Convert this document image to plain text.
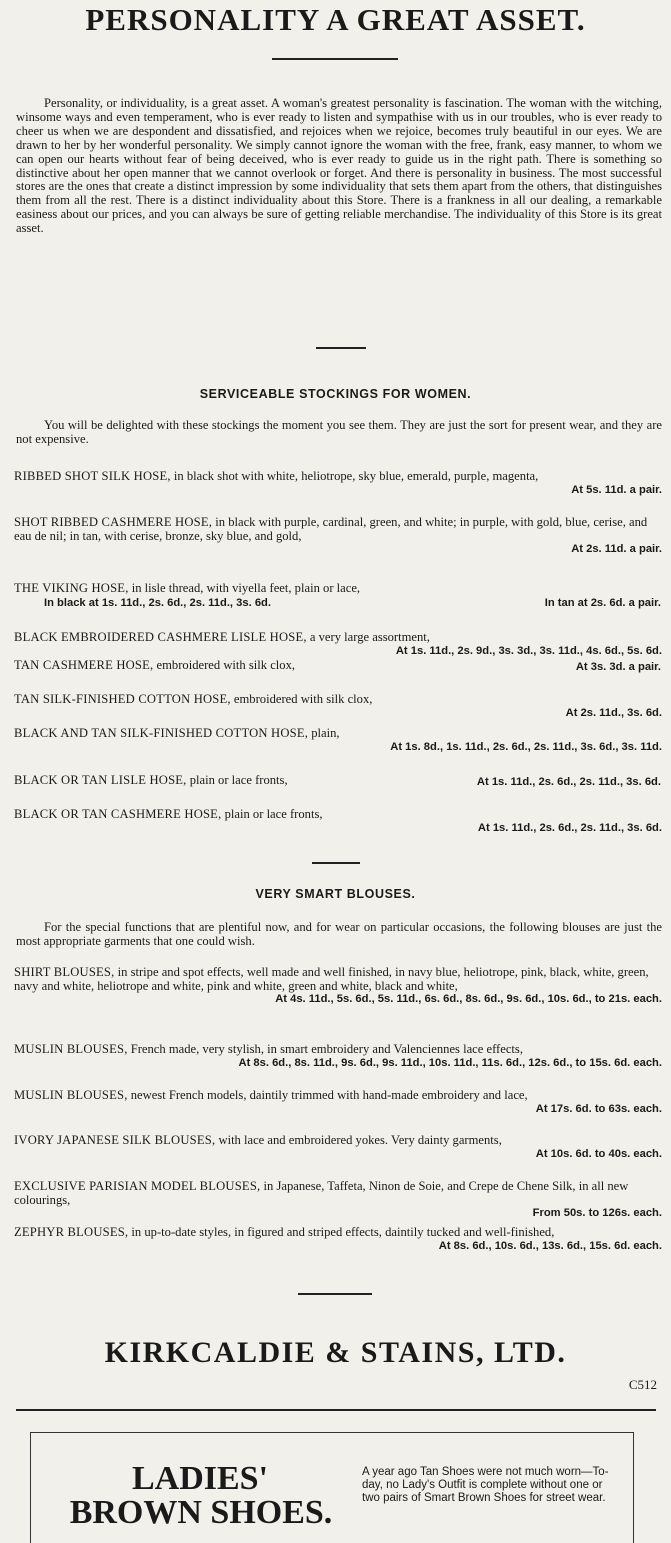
PERSONALITY A GREAT ASSET.

Personality, or individuality, is a great asset. A woman's greatest personality is fascination. The woman with the witching, winsome ways and even temperament, who is ever ready to listen and sympathise with us in our troubles, who is ever ready to cheer us when we are despondent and dissatisfied, and rejoices when we rejoice, becomes truly beautiful in our eyes. We are drawn to her by her wonderful personality. We simply cannot ignore the woman with the free, frank, easy manner, to whom we can open our hearts without fear of being deceived, who is ever ready to guide us in the right path. There is something so distinctive about her open manner that we cannot overlook or forget. And there is personality in business. The most successful stores are the ones that create a distinct impression by some individuality that sets them apart from the others, that distinguishes them from all the rest. There is a distinct individuality about this Store. There is a frankness in all our dealing, a remarkable easiness about our prices, and you can always be sure of getting reliable merchandise. The individuality of this Store is its great asset.

SERVICEABLE STOCKINGS FOR WOMEN.

You will be delighted with these stockings the moment you see them. They are just the sort for present wear, and they are not expensive.

RIBBED SHOT SILK HOSE, in black shot with white, heliotrope, sky blue, emerald, purple, magenta,
At 5s. 11d. a pair.
SHOT RIBBED CASHMERE HOSE, in black with purple, cardinal, green, and white; in purple, with gold, blue, cerise, and eau de nil; in tan, with cerise, bronze, sky blue, and gold,
At 2s. 11d. a pair.
THE VIKING HOSE, in lisle thread, with viyella feet, plain or lace,
In black at 1s. 11d., 2s. 6d., 2s. 11d., 3s. 6d.	In tan at 2s. 6d. a pair.
BLACK EMBROIDERED CASHMERE LISLE HOSE, a very large assortment,
At 1s. 11d., 2s. 9d., 3s. 3d., 3s. 11d., 4s. 6d., 5s. 6d.
TAN CASHMERE HOSE, embroidered with silk clox,	At 3s. 3d. a pair.
TAN SILK-FINISHED COTTON HOSE, embroidered with silk clox,
At 2s. 11d., 3s. 6d.
BLACK AND TAN SILK-FINISHED COTTON HOSE, plain,
At 1s. 8d., 1s. 11d., 2s. 6d., 2s. 11d., 3s. 6d., 3s. 11d.
BLACK OR TAN LISLE HOSE, plain or lace fronts,	At 1s. 11d., 2s. 6d., 2s. 11d., 3s. 6d.
BLACK OR TAN CASHMERE HOSE, plain or lace fronts,
At 1s. 11d., 2s. 6d., 2s. 11d., 3s. 6d.
VERY SMART BLOUSES.

For the special functions that are plentiful now, and for wear on particular occasions, the following blouses are just the most appropriate garments that one could wish.

SHIRT BLOUSES, in stripe and spot effects, well made and well finished, in navy blue, heliotrope, pink, black, white, green, navy and white, heliotrope and white, pink and white, green and white, black and white,
At 4s. 11d., 5s. 6d., 5s. 11d., 6s. 6d., 8s. 6d., 9s. 6d., 10s. 6d., to 21s. each.
MUSLIN BLOUSES, French made, very stylish, in smart embroidery and Valenciennes lace effects,
At 8s. 6d., 8s. 11d., 9s. 6d., 9s. 11d., 10s. 11d., 11s. 6d., 12s. 6d., to 15s. 6d. each.
MUSLIN BLOUSES, newest French models, daintily trimmed with hand-made embroidery and lace,
At 17s. 6d. to 63s. each.
IVORY JAPANESE SILK BLOUSES, with lace and embroidered yokes. Very dainty garments,
At 10s. 6d. to 40s. each.
EXCLUSIVE PARISIAN MODEL BLOUSES, in Japanese, Taffeta, Ninon de Soie, and Crepe de Chene Silk, in all new colourings,
From 50s. to 126s. each.
ZEPHYR BLOUSES, in up-to-date styles, in figured and striped effects, daintily tucked and well-finished,
At 8s. 6d., 10s. 6d., 13s. 6d., 15s. 6d. each.
KIRKCALDIE & STAINS, LTD.
C512
LADIES'
BROWN SHOES.
A year ago Tan Shoes were not much worn—To-day, no Lady's Outfit is complete without one or two pairs of Smart Brown Shoes for street wear.
